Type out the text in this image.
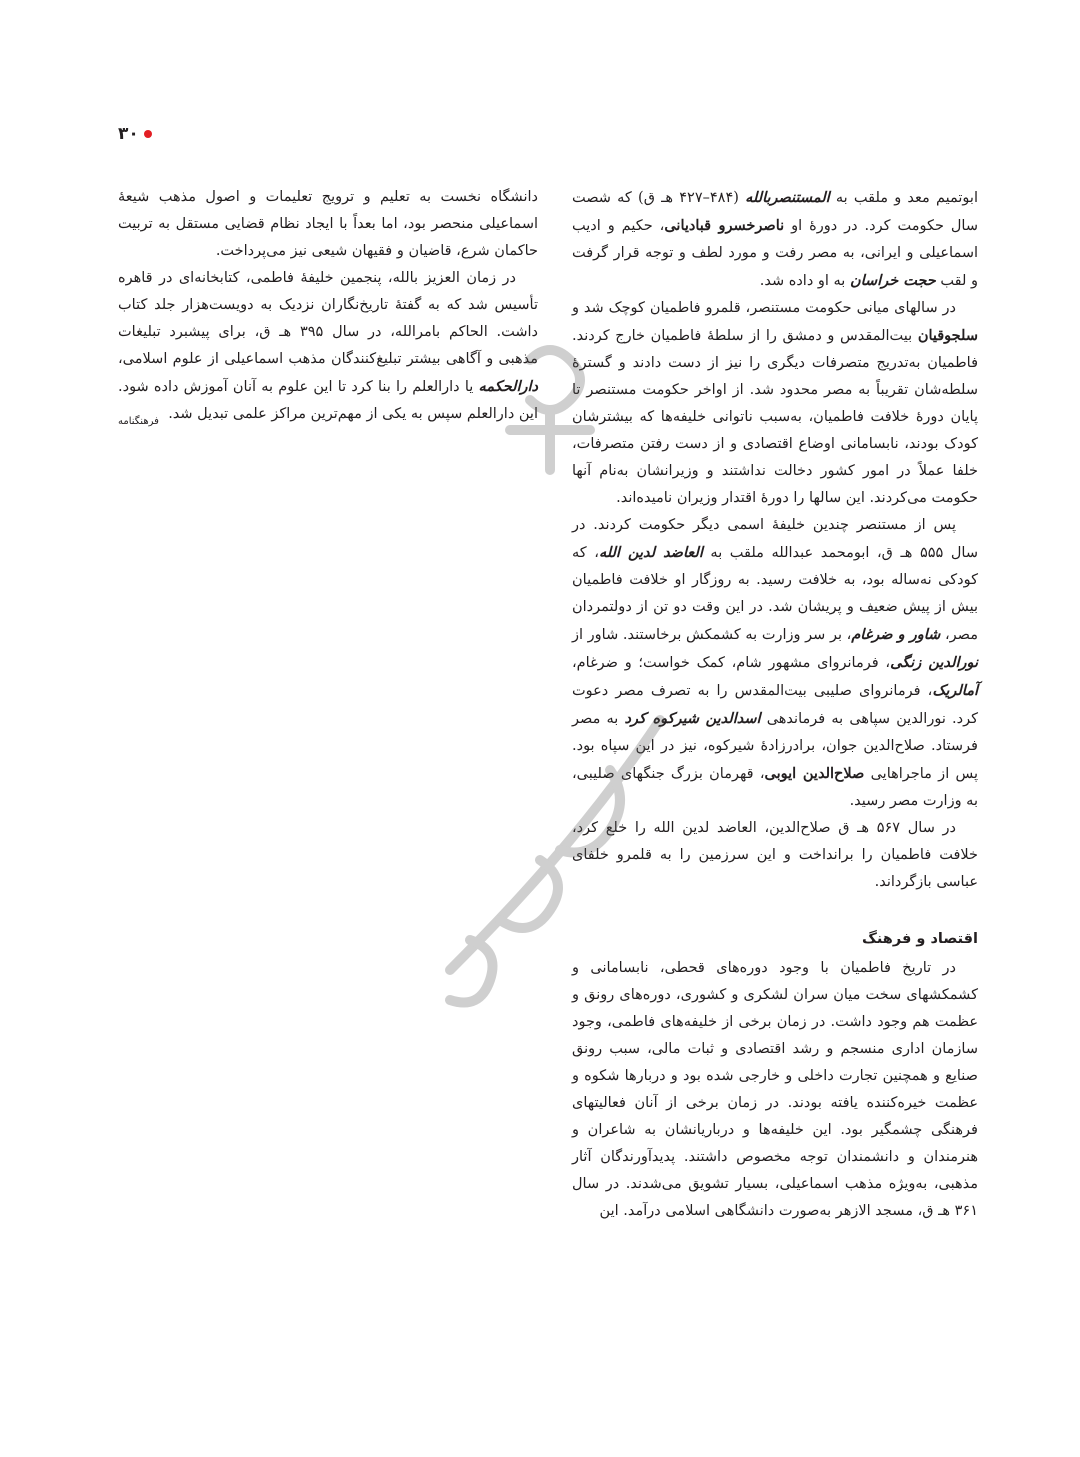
۳۰

ابوتمیم معد و ملقب به المستنصربالله (۴۸۴–۴۲۷ هـ ق) که شصت سال حکومت کرد. در دورهٔ او ناصرخسرو قبادیانی، حکیم و ادیب اسماعیلی و ایرانی، به مصر رفت و مورد لطف و توجه قرار گرفت و لقب حجت خراسان به او داده شد.

در سالهای میانی حکومت مستنصر، قلمرو فاطمیان کوچک شد و سلجوقیان بیت‌المقدس و دمشق را از سلطهٔ فاطمیان خارج کردند. فاطمیان به‌تدریج متصرفات دیگری را نیز از دست دادند و گسترهٔ سلطه‌شان تقریباً به مصر محدود شد. از اواخر حکومت مستنصر تا پایان دورهٔ خلافت فاطمیان، به‌سبب ناتوانی خلیفه‌ها که بیشترشان کودک بودند، نابسامانی اوضاع اقتصادی و از دست رفتن متصرفات، خلفا عملاً در امور کشور دخالت نداشتند و وزیرانشان به‌نام آنها حکومت می‌کردند. این سالها را دورهٔ اقتدار وزیران نامیده‌اند.

پس از مستنصر چندین خلیفهٔ اسمی دیگر حکومت کردند. در سال ۵۵۵ هـ ق، ابومحمد عبدالله ملقب به العاضد لدین الله، که کودکی نه‌ساله بود، به خلافت رسید. به روزگار او خلافت فاطمیان بیش از پیش ضعیف و پریشان شد. در این وقت دو تن از دولتمردان مصر، شاور و ضرغام، بر سر وزارت به کشمکش برخاستند. شاور از نورالدین زنگی، فرمانروای مشهور شام، کمک خواست؛ و ضرغام، آمالریک، فرمانروای صلیبی بیت‌المقدس را به تصرف مصر دعوت کرد. نورالدین سپاهی به فرماندهی اسدالدین شیرکوه کرد به مصر فرستاد. صلاح‌الدین جوان، برادرزادهٔ شیرکوه، نیز در این سپاه بود. پس از ماجراهایی صلاح‌الدین ایوبی، قهرمان بزرگ جنگهای صلیبی، به وزارت مصر رسید.

در سال ۵۶۷ هـ ق صلاح‌الدین، العاضد لدین الله را خلع کرد، خلافت فاطمیان را برانداخت و این سرزمین را به قلمرو خلفای عباسی بازگرداند.

اقتصاد و فرهنگ

در تاریخ فاطمیان با وجود دوره‌های قحطی، نابسامانی و کشمکشهای سخت میان سران لشکری و کشوری، دوره‌های رونق و عظمت هم وجود داشت. در زمان برخی از خلیفه‌های فاطمی، وجود سازمان اداری منسجم و رشد اقتصادی و ثبات مالی، سبب رونق صنایع و همچنین تجارت داخلی و خارجی شده بود و دربارها شکوه و عظمت خیره‌کننده یافته بودند. در زمان برخی از آنان فعالیتهای فرهنگی چشمگیر بود. این خلیفه‌ها و درباریانشان به شاعران و هنرمندان و دانشمندان توجه مخصوص داشتند. پدیدآورندگان آثار مذهبی، به‌ویژه مذهب اسماعیلی، بسیار تشویق می‌شدند. در سال ۳۶۱ هـ ق، مسجد الازهر به‌صورت دانشگاهی اسلامی درآمد. این

دانشگاه نخست به تعلیم و ترویج تعلیمات و اصول مذهب شیعهٔ اسماعیلی منحصر بود، اما بعداً با ایجاد نظام قضایی مستقل به تربیت حاکمان شرع، قاضیان و فقیهان شیعی نیز می‌پرداخت.

در زمان العزیز بالله، پنجمین خلیفهٔ فاطمی، کتابخانه‌ای در قاهره تأسیس شد که به گفتهٔ تاریخ‌نگاران نزدیک به دویست‌هزار جلد کتاب داشت. الحاکم بامرالله، در سال ۳۹۵ هـ ق، برای پیشبرد تبلیغات مذهبی و آگاهی بیشتر تبلیغ‌کنندگان مذهب اسماعیلی از علوم اسلامی، دارالحکمه یا دارالعلم را بنا کرد تا این علوم به آنان آموزش داده شود. این دارالعلم سپس به یکی از مهم‌ترین مراکز علمی تبدیل شد.

فرهنگنامه
